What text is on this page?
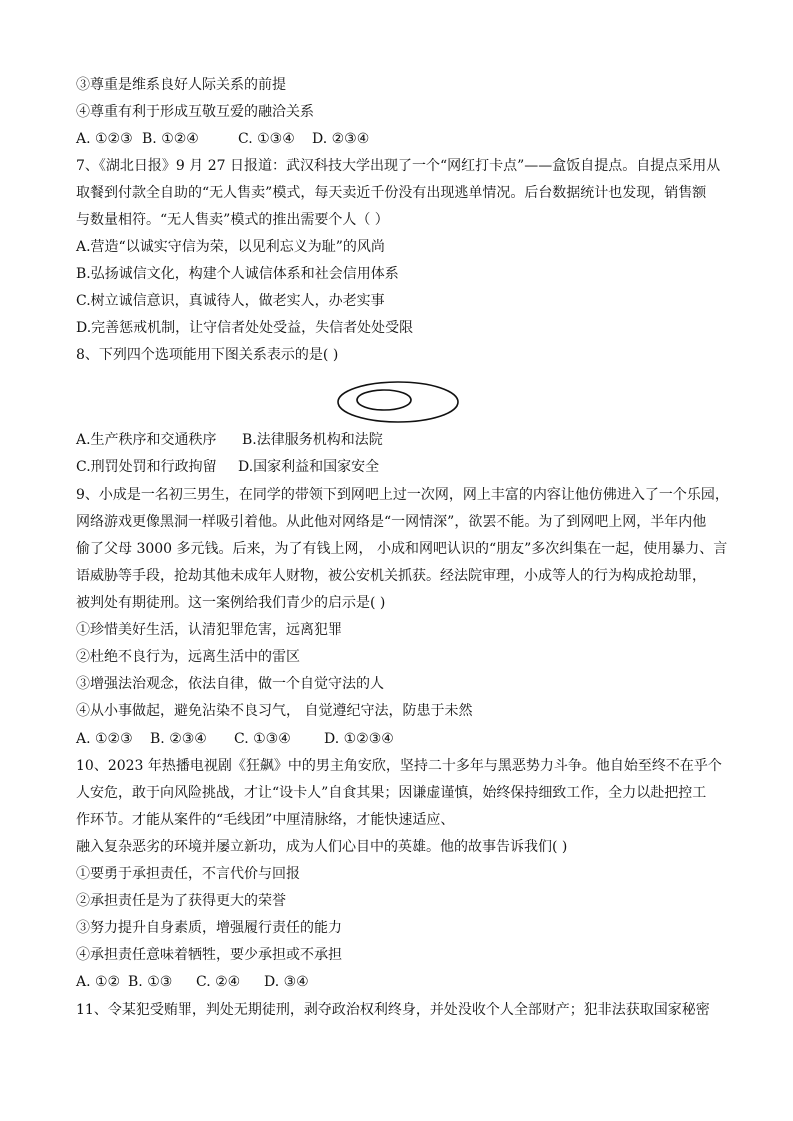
③尊重是维系良好人际关系的前提
④尊重有利于形成互敬互爱的融洽关系
A. ①②③ B. ①②④	C. ①③④ D. ②③④
7、《湖北日报》9 月 27 日报道：武汉科技大学出现了一个“网红打卡点”——盒饭自提点。自提点采用从
取餐到付款全自助的“无人售卖”模式，每天卖近千份没有出现逃单情况。后台数据统计也发现，销售额
与数量相符。“无人售卖”模式的推出需要个人（ ）
A.营造“以诚实守信为荣，以见利忘义为耻”的风尚
B.弘扬诚信文化，构建个人诚信体系和社会信用体系
C.树立诚信意识，真诚待人，做老实人，办老实事
D.完善惩戒机制，让守信者处处受益，失信者处处受限
8、下列四个选项能用下图关系表示的是( )
A.生产秩序和交通秩序 B.法律服务机构和法院
C.刑罚处罚和行政拘留 D.国家利益和国家安全
9、小成是一名初三男生，在同学的带领下到网吧上过一次网，网上丰富的内容让他仿佛进入了一个乐园，
网络游戏更像黑洞一样吸引着他。从此他对网络是“一网情深”，欲罢不能。为了到网吧上网，半年内他
偷了父母 3000 多元钱。后来，为了有钱上网， 小成和网吧认识的“朋友”多次纠集在一起，使用暴力、言
语威胁等手段，抢劫其他未成年人财物，被公安机关抓获。经法院审理，小成等人的行为构成抢劫罪，
被判处有期徒刑。这一案例给我们青少的启示是( )
①珍惜美好生活，认清犯罪危害，远离犯罪
②杜绝不良行为，远离生活中的雷区
③增强法治观念，依法自律，做一个自觉守法的人
④从小事做起，避免沾染不良习气， 自觉遵纪守法，防患于未然
A. ①②③ B. ②③④ C. ①③④ D. ①②③④
10、2023 年热播电视剧《狂飙》中的男主角安欣，坚持二十多年与黑恶势力斗争。他自始至终不在乎个
人安危，敢于向风险挑战，才让“设卡人”自食其果；因谦虚谨慎，始终保持细致工作，全力以赴把控工
作环节。才能从案件的“毛线团”中厘清脉络，才能快速适应、
融入复杂恶劣的环境并屡立新功，成为人们心目中的英雄。他的故事告诉我们( )
①要勇于承担责任，不言代价与回报
②承担责任是为了获得更大的荣誉
③努力提升自身素质，增强履行责任的能力
④承担责任意味着牺牲，要少承担或不承担
A. ①② B. ①③ C. ②④ D. ③④
11、令某犯受贿罪，判处无期徒刑，剥夺政治权利终身，并处没收个人全部财产；犯非法获取国家秘密
